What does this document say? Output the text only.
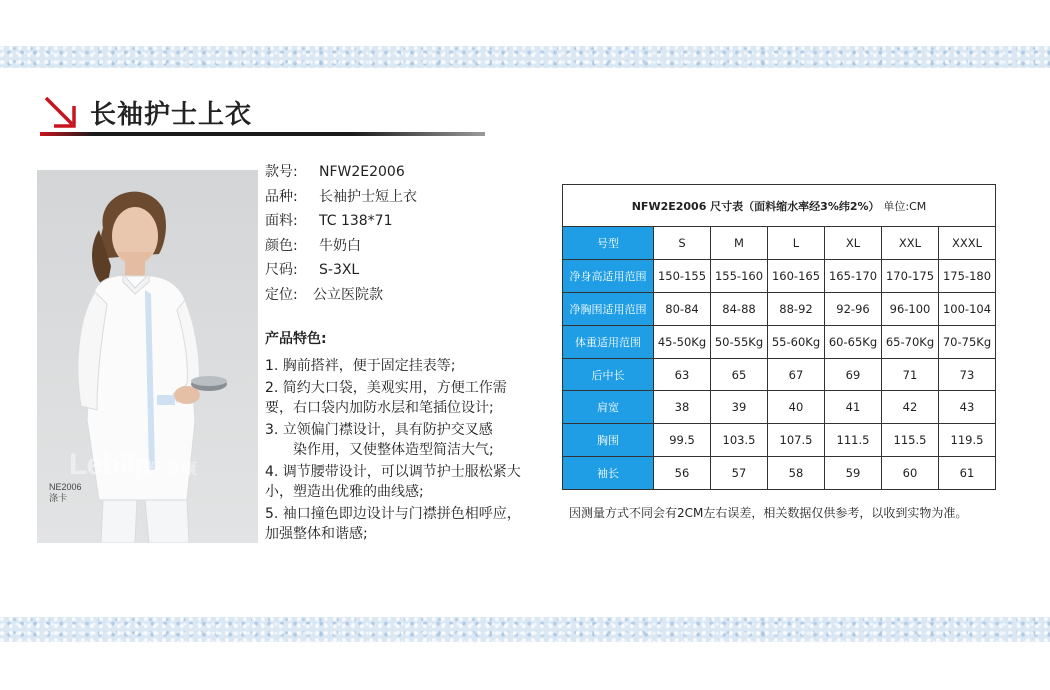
长袖护士上衣
Lebilp
乐倍康
NE2006
涤卡
款号:	NFW2E2006
品种:	长袖护士短上衣
面料:	TC 138*71
颜色:	牛奶白
尺码:	S-3XL
定位:	公立医院款
产品特色:
1. 胸前搭袢，便于固定挂表等;
2. 简约大口袋，美观实用，方便工作需要，右口袋内加防水层和笔插位设计;
3. 立领偏门襟设计，具有防护交叉感
染作用，又使整体造型简洁大气;
4. 调节腰带设计，可以调节护士服松紧大小，塑造出优雅的曲线感;
5. 袖口撞色即边设计与门襟拼色相呼应，加强整体和谐感;
NFW2E2006 尺寸表（面料缩水率经3%纬2%） 单位:CM						
号型	S	M	L	XL	XXL	XXXL
净身高适用范围	150-155	155-160	160-165	165-170	170-175	175-180
净胸围适用范围	80-84	84-88	88-92	92-96	96-100	100-104
体重适用范围	45-50Kg	50-55Kg	55-60Kg	60-65Kg	65-70Kg	70-75Kg
后中长	63	65	67	69	71	73
肩宽	38	39	40	41	42	43
胸围	99.5	103.5	107.5	111.5	115.5	119.5
袖长	56	57	58	59	60	61
因测量方式不同会有2CM左右误差，相关数据仅供参考，以收到实物为准。
